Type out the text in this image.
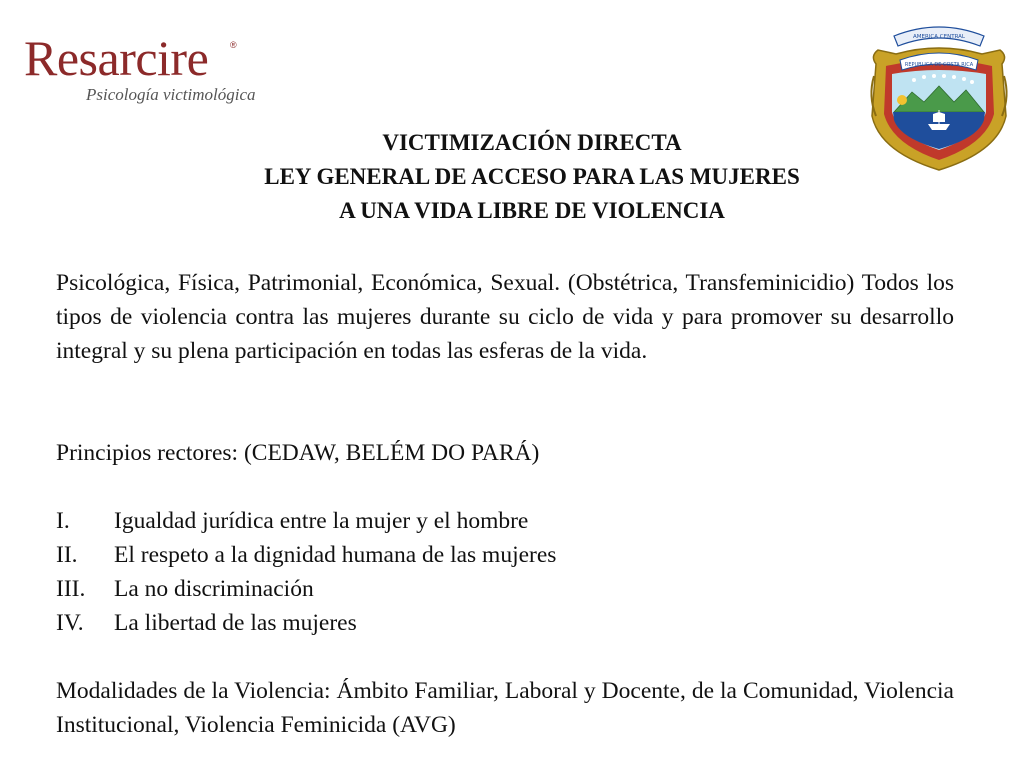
Resarcire ®
Psicología victimológica
AMERICA CENTRAL
REPUBLICA DE COSTA RICA
VICTIMIZACIÓN DIRECTA
LEY GENERAL DE ACCESO PARA LAS MUJERES
A UNA VIDA LIBRE DE VIOLENCIA
Psicológica, Física, Patrimonial, Económica, Sexual. (Obstétrica, Transfeminicidio) Todos los tipos de violencia contra las mujeres durante su ciclo de vida y para promover su desarrollo integral y su plena participación en todas las esferas de la vida.
Principios rectores: (CEDAW, BELÉM DO PARÁ)
I.	Igualdad jurídica entre la mujer y el hombre
II.	El respeto a la dignidad humana de las mujeres
III.	La no discriminación
IV.	La libertad de las mujeres
Modalidades de la Violencia: Ámbito Familiar, Laboral y Docente, de la Comunidad, Violencia Institucional, Violencia Feminicida (AVG)
